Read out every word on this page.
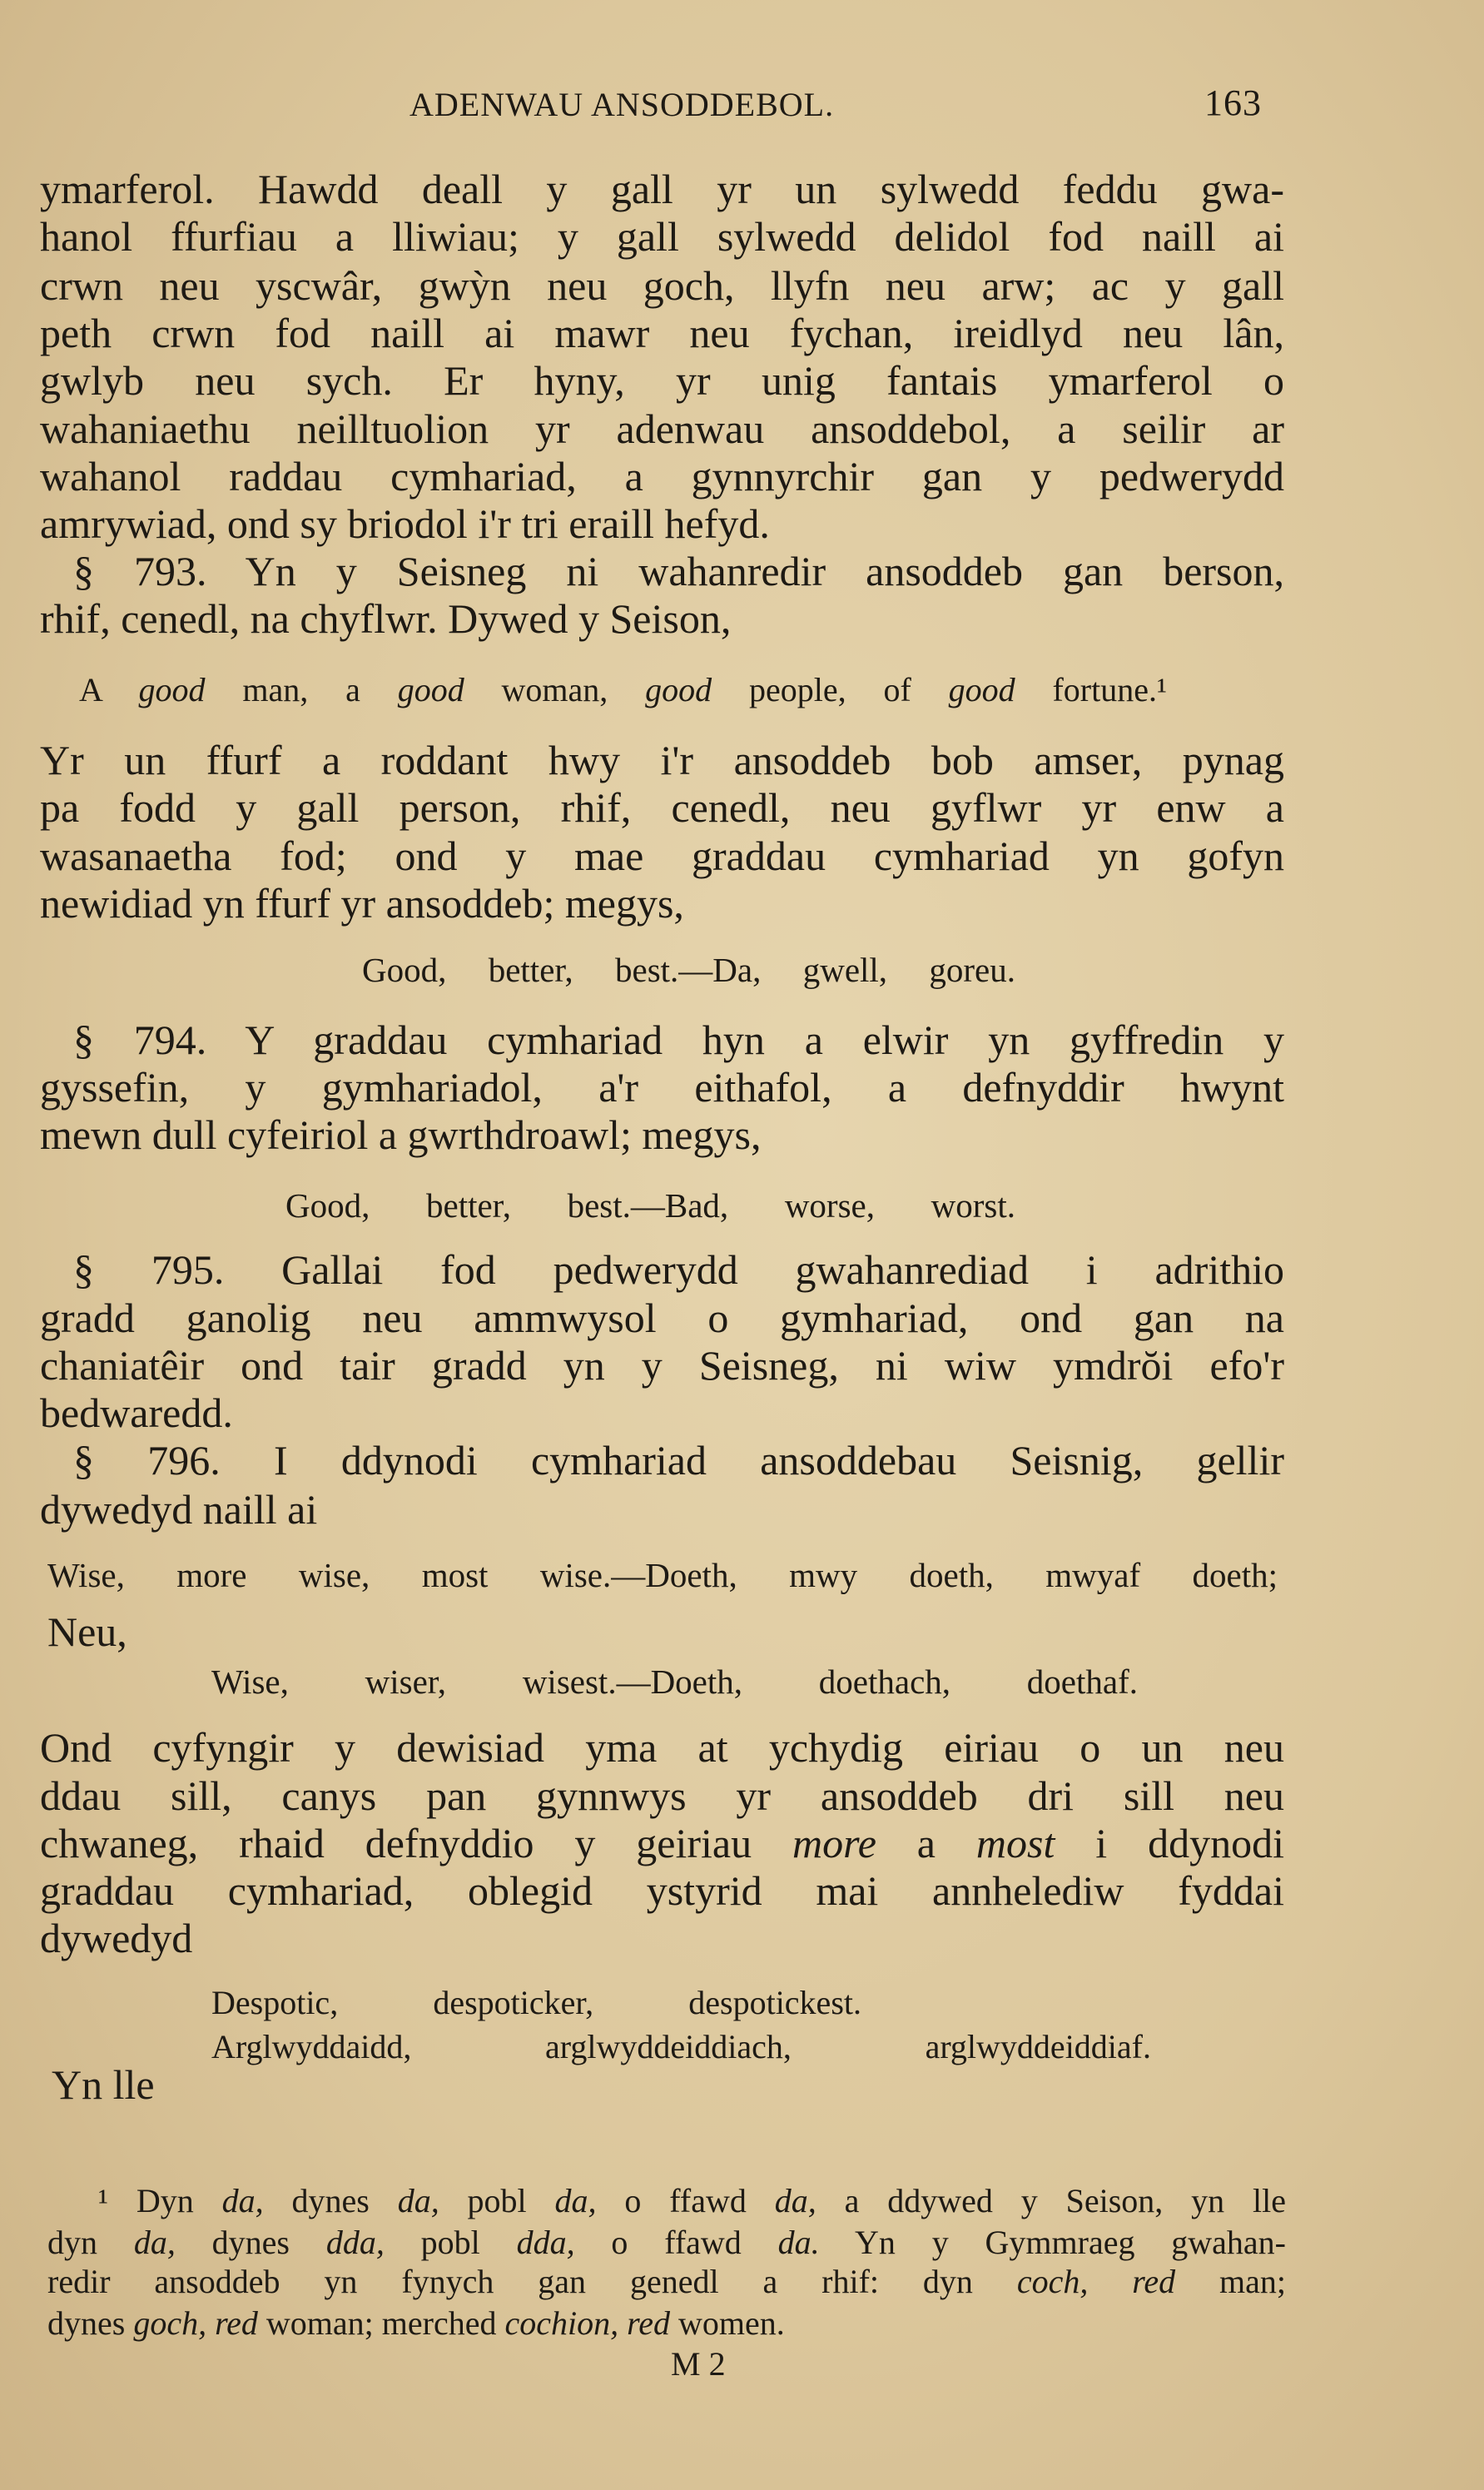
ADENWAU ANSODDEBOL.	163
ymarferol. Hawdd deall y gall yr un sylwedd feddu gwa-
hanol ffurfiau a lliwiau; y gall sylwedd delidol fod naill ai
crwn neu yscwâr, gwỳn neu goch, llyfn neu arw; ac y gall
peth crwn fod naill ai mawr neu fychan, ireidlyd neu lân,
gwlyb neu sych. Er hyny, yr unig fantais ymarferol o
wahaniaethu neilltuolion yr adenwau ansoddebol, a seilir ar
wahanol raddau cymhariad, a gynnyrchir gan y pedwerydd
amrywiad, ond sy briodol i'r tri eraill hefyd.
§ 793. Yn y Seisneg ni wahanredir ansoddeb gan berson,
rhif, cenedl, na chyflwr. Dywed y Seison,
A good man, a good woman, good people, of good fortune.¹
Yr un ffurf a roddant hwy i'r ansoddeb bob amser, pynag
pa fodd y gall person, rhif, cenedl, neu gyflwr yr enw a
wasanaetha fod; ond y mae graddau cymhariad yn gofyn
newidiad yn ffurf yr ansoddeb; megys,
Good, better, best.—Da, gwell, goreu.
§ 794. Y graddau cymhariad hyn a elwir yn gyffredin y
gyssefin, y gymhariadol, a'r eithafol, a defnyddir hwynt
mewn dull cyfeiriol a gwrthdroawl; megys,
Good, better, best.—Bad, worse, worst.
§ 795. Gallai fod pedwerydd gwahanrediad i adrithio
gradd ganolig neu ammwysol o gymhariad, ond gan na
chaniatêir ond tair gradd yn y Seisneg, ni wiw ymdrŏi efo'r
bedwaredd.
§ 796. I ddynodi cymhariad ansoddebau Seisnig, gellir
dywedyd naill ai
Wise, more wise, most wise.—Doeth, mwy doeth, mwyaf doeth;
Neu,
Wise, wiser, wisest.—Doeth, doethach, doethaf.
Ond cyfyngir y dewisiad yma at ychydig eiriau o un neu
ddau sill, canys pan gynnwys yr ansoddeb dri sill neu
chwaneg, rhaid defnyddio y geiriau more a most i ddynodi
graddau cymhariad, oblegid ystyrid mai annhelediw fyddai
dywedyd
Despotic, despoticker, despotickest.
Arglwyddaidd, arglwyddeiddiach, arglwyddeiddiaf.
Yn lle
¹ Dyn da, dynes da, pobl da, o ffawd da, a ddywed y Seison, yn lle
dyn da, dynes dda, pobl dda, o ffawd da. Yn y Gymmraeg gwahan-
redir ansoddeb yn fynych gan genedl a rhif: dyn coch, red man;
dynes goch, red woman; merched cochion, red women.
M 2
